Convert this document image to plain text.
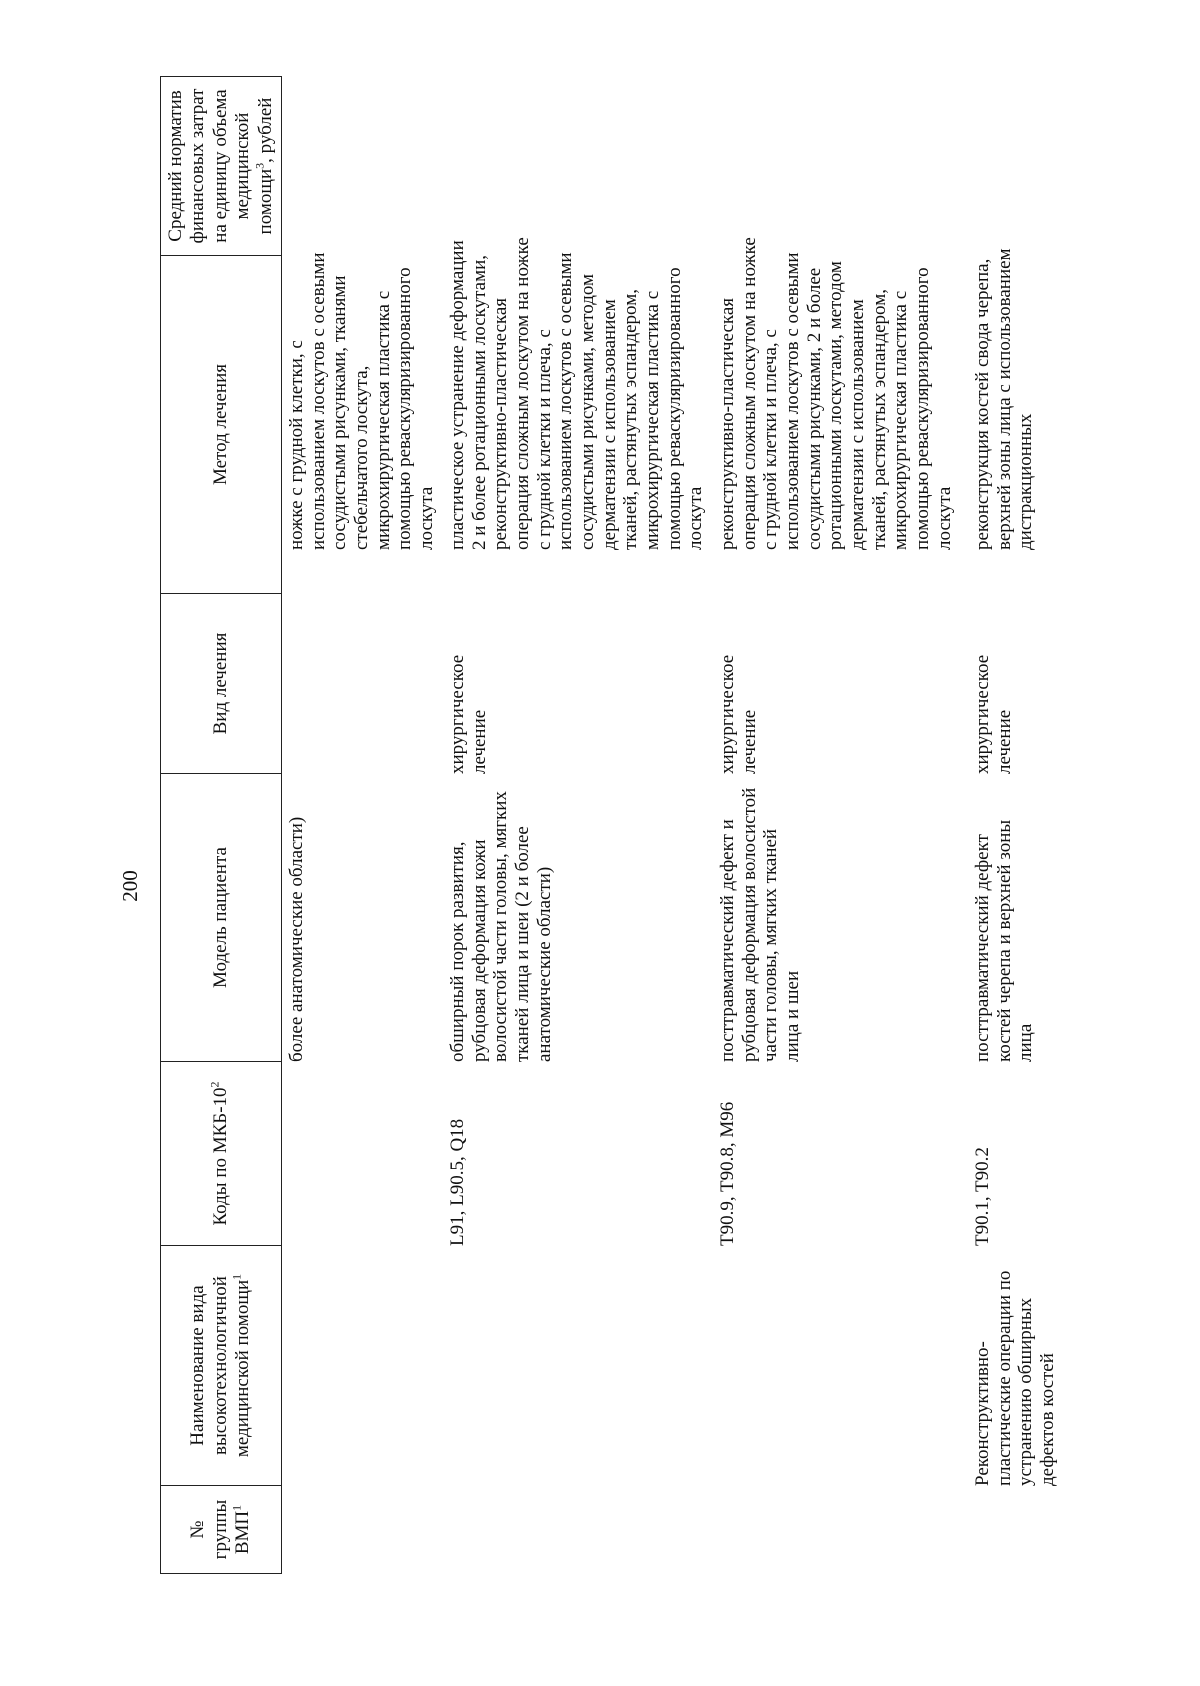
200
№ группы ВМП$^1$
Наименование вида высокотехнологичной медицинской помощи$^1$
Коды по МКБ-$10^2$
Модель пациента
Вид лечения
Метод лечения
Средний норматив финансовых затрат на единицу объема медицинской помощи$^3$, рублей
более анатомические области)
ножке с грудной клетки, с использованием лоскутов с осевыми сосудистыми рисунками, тканями стебельчатого лоскута, микрохирургическая пластика с помощью реваскуляризированного лоскута
L91, L90.5, Q18
обширный порок развития, рубцовая деформация кожи волосистой части головы, мягких тканей лица и шеи (2 и более анатомические области)
хирургическое лечение
пластическое устранение деформации 2 и более ротационными лоскутами, реконструктивно-пластическая операция сложным лоскутом на ножке с грудной клетки и плеча, с использованием лоскутов с осевыми сосудистыми рисунками, методом дерматензии с использованием тканей, растянутых эспандером, микрохирургическая пластика с помощью реваскуляризированного лоскута
T90.9, T90.8, M96
посттравматический дефект и рубцовая деформация волосистой части головы, мягких тканей лица и шеи
хирургическое лечение
реконструктивно-пластическая операция сложным лоскутом на ножке с грудной клетки и плеча, с использованием лоскутов с осевыми сосудистыми рисунками, 2 и более ротационными лоскутами, методом дерматензии с использованием тканей, растянутых эспандером, микрохирургическая пластика с помощью реваскуляризированного лоскута
Реконструктивно-пластические операции по устранению обширных дефектов костей
T90.1, T90.2
посттравматический дефект костей черепа и верхней зоны лица
хирургическое лечение
реконструкция костей свода черепа, верхней зоны лица с использованием дистракционных
